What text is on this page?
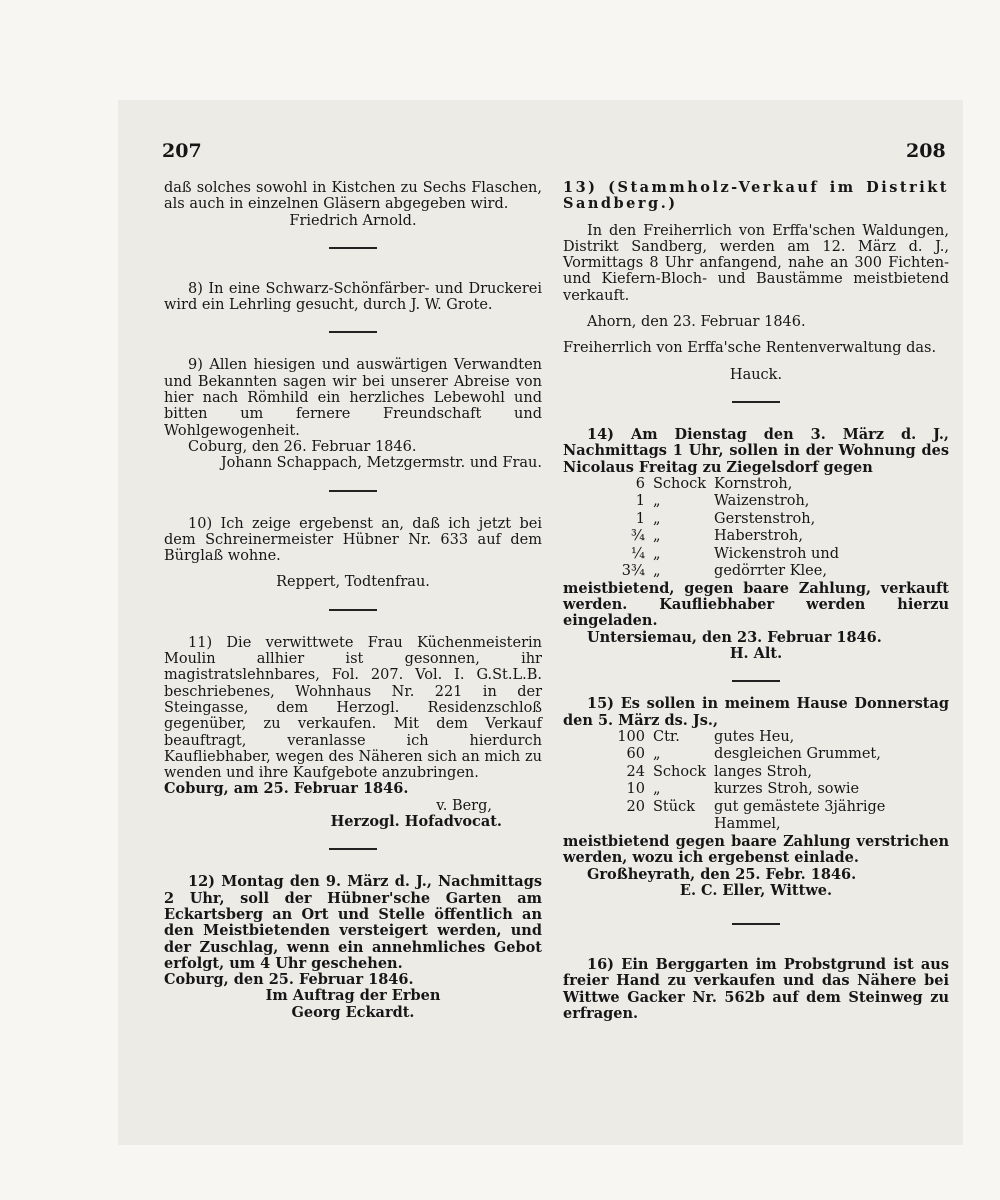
207	208

daß solches sowohl in Kistchen zu Sechs Flaschen, als auch in einzelnen Gläsern abgegeben wird.

Friedrich Arnold.

8) In eine Schwarz-Schönfärber- und Druckerei wird ein Lehrling gesucht, durch J. W. Grote.

9) Allen hiesigen und auswärtigen Verwandten und Bekannten sagen wir bei unserer Abreise von hier nach Römhild ein herzliches Lebewohl und bitten um fernere Freundschaft und Wohlgewogenheit.

Coburg, den 26. Februar 1846.

Johann Schappach, Metzgermstr. und Frau.

10) Ich zeige ergebenst an, daß ich jetzt bei dem Schreinermeister Hübner Nr. 633 auf dem Bürglaß wohne.

Reppert, Todtenfrau.

11) Die verwittwete Frau Küchenmeisterin Moulin allhier ist gesonnen, ihr magistratslehnbares, Fol. 207. Vol. I. G.St.L.B. beschriebenes, Wohnhaus Nr. 221 in der Steingasse, dem Herzogl. Residenzschloß gegenüber, zu verkaufen. Mit dem Verkauf beauftragt, veranlasse ich hierdurch Kaufliebhaber, wegen des Näheren sich an mich zu wenden und ihre Kaufgebote anzubringen.

Coburg, am 25. Februar 1846.

v. Berg,

Herzogl. Hofadvocat.

12) Montag den 9. März d. J., Nachmittags 2 Uhr, soll der Hübner'sche Garten am Eckartsberg an Ort und Stelle öffentlich an den Meistbietenden versteigert werden, und der Zuschlag, wenn ein annehmliches Gebot erfolgt, um 4 Uhr geschehen.

Coburg, den 25. Februar 1846.

Im Auftrag der Erben

Georg Eckardt.

13) (Stammholz-Verkauf im Distrikt Sandberg.)

In den Freiherrlich von Erffa'schen Waldungen, Distrikt Sandberg, werden am 12. März d. J., Vormittags 8 Uhr anfangend, nahe an 300 Fichten- und Kiefern-Bloch- und Baustämme meistbietend verkauft.

Ahorn, den 23. Februar 1846.

Freiherrlich von Erffa'sche Rentenverwaltung das.

Hauck.

14) Am Dienstag den 3. März d. J., Nachmittags 1 Uhr, sollen in der Wohnung des Nicolaus Freitag zu Ziegelsdorf gegen

6	Schock	Kornstroh,
1	„	Waizenstroh,
1	„	Gerstenstroh,
¾	„	Haberstroh,
¼	„	Wickenstroh und
3¾	„	gedörrter Klee,

meistbietend, gegen baare Zahlung, verkauft werden. Kaufliebhaber werden hierzu eingeladen.

Untersiemau, den 23. Februar 1846.

H. Alt.

15) Es sollen in meinem Hause Donnerstag den 5. März ds. Js.,

100	Ctr.	gutes Heu,
60	„	desgleichen Grummet,
24	Schock	langes Stroh,
10	„	kurzes Stroh, sowie
20	Stück	gut gemästete 3jährige Hammel,

meistbietend gegen baare Zahlung verstrichen werden, wozu ich ergebenst einlade.

Großheyrath, den 25. Febr. 1846.

E. C. Eller, Wittwe.

16) Ein Berggarten im Probstgrund ist aus freier Hand zu verkaufen und das Nähere bei Wittwe Gacker Nr. 562b auf dem Steinweg zu erfragen.
